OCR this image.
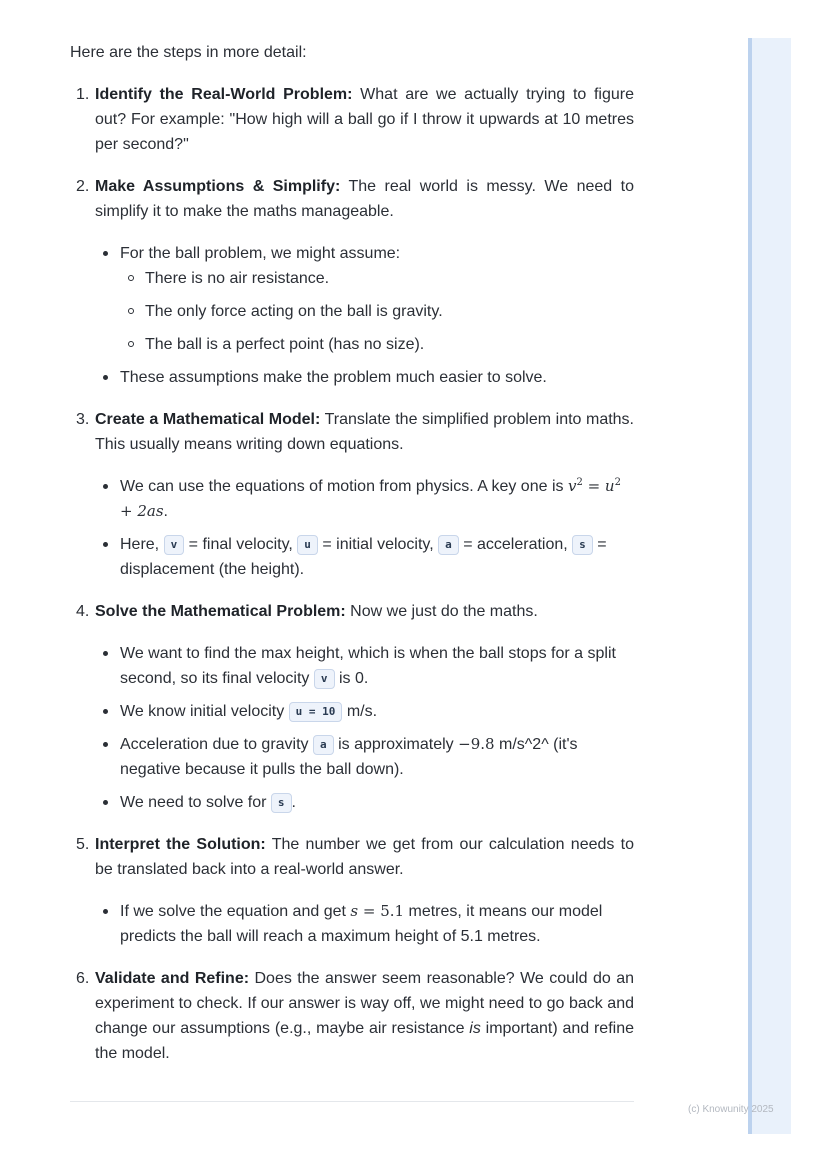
Here are the steps in more detail:

1. Identify the Real-World Problem: What are we actually trying to figure out? For example: "How high will a ball go if I throw it upwards at 10 metres per second?"
2. Make Assumptions & Simplify: The real world is messy. We need to simplify it to make the maths manageable.
For the ball problem, we might assume:
There is no air resistance.
The only force acting on the ball is gravity.
The ball is a perfect point (has no size).
These assumptions make the problem much easier to solve.
3. Create a Mathematical Model: Translate the simplified problem into maths. This usually means writing down equations.
We can use the equations of motion from physics. A key one is $v^2 = u^2 + 2as$.
Here, v = final velocity, u = initial velocity, a = acceleration, s = displacement (the height).
4. Solve the Mathematical Problem: Now we just do the maths.
We want to find the max height, which is when the ball stops for a split second, so its final velocity v is 0.
We know initial velocity u = 10 m/s.
Acceleration due to gravity a is approximately −9.8 m/s^2^ (it's negative because it pulls the ball down).
We need to solve for s .
5. Interpret the Solution: The number we get from our calculation needs to be translated back into a real-world answer.
If we solve the equation and get s = 5.1 metres, it means our model predicts the ball will reach a maximum height of 5.1 metres.
6. Validate and Refine: Does the answer seem reasonable? We could do an experiment to check. If our answer is way off, we might need to go back and change our assumptions (e.g., maybe air resistance is important) and refine the model.
(c) Knowunity 2025
